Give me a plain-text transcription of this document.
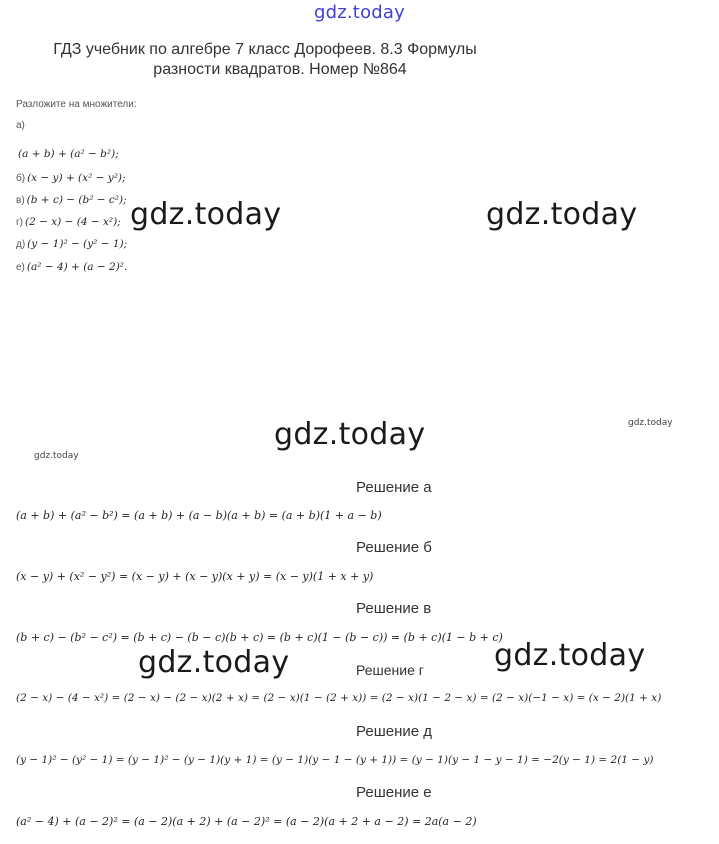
gdz.today
ГДЗ учебник по алгебре 7 класс Дорофеев. 8.3 Формулы
разности квадратов. Номер №864
Разложите на множители:
а)
(a + b) + (a² − b²);
б) (x − y) + (x² − y²);
в) (b + c) − (b² − c²);
г) (2 − x) − (4 − x²);
д) (y − 1)² − (y² − 1);
е) (a² − 4) + (a − 2)².
gdz.today	gdz.today
gdz.today	gdz.today
gdz.today
gdz.today	gdz.today
Решение а
(a + b) + (a² − b²) = (a + b) + (a − b)(a + b) = (a + b)(1 + a − b)
Решение б
(x − y) + (x² − y²) = (x − y) + (x − y)(x + y) = (x − y)(1 + x + y)
Решение в
(b + c) − (b² − c²) = (b + c) − (b − c)(b + c) = (b + c)(1 − (b − c)) = (b + c)(1 − b + c)
Решение г
(2 − x) − (4 − x²) = (2 − x) − (2 − x)(2 + x) = (2 − x)(1 − (2 + x)) = (2 − x)(1 − 2 − x) = (2 − x)(−1 − x) = (x − 2)(1 + x)
Решение д
(y − 1)² − (y² − 1) = (y − 1)² − (y − 1)(y + 1) = (y − 1)(y − 1 − (y + 1)) = (y − 1)(y − 1 − y − 1) = −2(y − 1) = 2(1 − y)
Решение е
(a² − 4) + (a − 2)² = (a − 2)(a + 2) + (a − 2)² = (a − 2)(a + 2 + a − 2) = 2a(a − 2)
